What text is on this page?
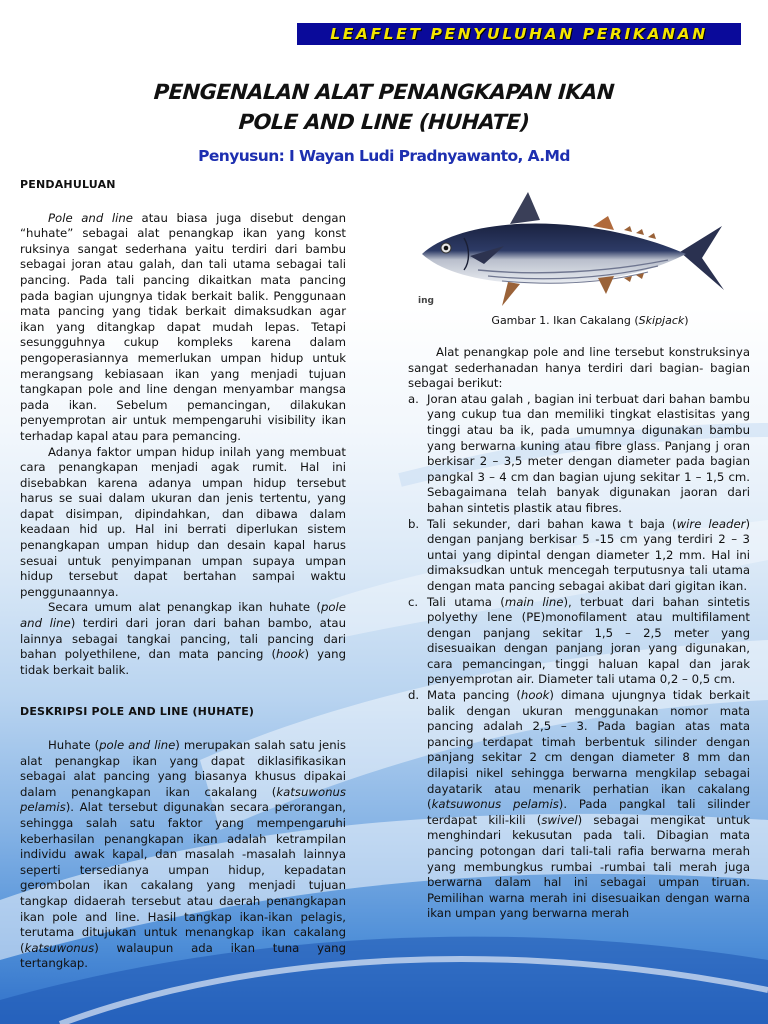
LEAFLET PENYULUHAN PERIKANAN
PENGENALAN ALAT PENANGKAPAN IKAN
POLE AND LINE (HUHATE)
Penyusun: I Wayan Ludi Pradnyawanto, A.Md

PENDAHULUAN

Pole and line atau biasa juga disebut dengan “huhate” sebagai alat penangkap ikan yang konst ruksinya sangat sederhana yaitu terdiri dari bambu sebagai joran atau galah, dan tali utama sebagai tali pancing. Pada tali pancing dikaitkan mata pancing pada bagian ujungnya tidak berkait balik. Penggunaan mata pancing yang tidak berkait dimaksudkan agar ikan yang ditangkap dapat mudah lepas. Tetapi sesungguhnya cukup kompleks karena dalam pengoperasiannya memerlukan umpan hidup untuk merangsang kebiasaan ikan yang menjadi tujuan tangkapan pole and line dengan menyambar mangsa pada ikan. Sebelum pemancingan, dilakukan penyemprotan air untuk mempengaruhi visibility ikan terhadap kapal atau para pemancing.

Adanya faktor umpan hidup inilah yang membuat cara penangkapan menjadi agak rumit. Hal ini disebabkan karena adanya umpan hidup tersebut harus se suai dalam ukuran dan jenis tertentu, yang dapat disimpan, dipindahkan, dan dibawa dalam keadaan hid up. Hal ini berrati diperlukan sistem penangkapan umpan hidup dan desain kapal harus sesuai untuk penyimpanan umpan supaya umpan hidup tersebut dapat bertahan sampai waktu penggunaannya.

Secara umum alat penangkap ikan huhate (pole and line) terdiri dari joran dari bahan bambo, atau lainnya sebagai tangkai pancing, tali pancing dari bahan polyethilene, dan mata pancing (hook) yang tidak berkait balik.

DESKRIPSI POLE AND LINE (HUHATE)

Huhate (pole and line) merupakan salah satu jenis alat penangkap ikan yang dapat diklasifikasikan sebagai alat pancing yang biasanya khusus dipakai dalam penangkapan ikan cakalang (katsuwonus pelamis). Alat tersebut digunakan secara perorangan, sehingga salah satu faktor yang mempengaruhi keberhasilan penangkapan ikan adalah ketrampilan individu awak kapal, dan masalah -masalah lainnya seperti tersedianya umpan hidup, kepadatan gerombolan ikan cakalang yang menjadi tujuan tangkap didaerah tersebut atau daerah penangkapan ikan pole and line. Hasil tangkap ikan-ikan pelagis, terutama ditujukan untuk menangkap ikan cakalang (katsuwonus) walaupun ada ikan tuna yang tertangkap.

ing
Gambar 1. Ikan Cakalang (Skipjack)

Alat penangkap pole and line tersebut konstruksinya sangat sederhanadan hanya terdiri dari bagian- bagian sebagai berikut:

a. Joran atau galah , bagian ini terbuat dari bahan bambu yang cukup tua dan memiliki tingkat elastisitas yang tinggi atau ba ik, pada umumnya digunakan bambu yang berwarna kuning atau fibre glass. Panjang j oran berkisar 2 – 3,5 meter dengan diameter pada bagian pangkal 3 – 4 cm dan bagian ujung sekitar 1 – 1,5 cm. Sebagaimana telah banyak digunakan jaoran dari bahan sintetis plastik atau fibres.
b. Tali sekunder, dari bahan kawa t baja (wire leader) dengan panjang berkisar 5 -15 cm yang terdiri 2 – 3 untai yang dipintal dengan diameter 1,2 mm. Hal ini dimaksudkan untuk mencegah terputusnya tali utama dengan mata pancing sebagai akibat dari gigitan ikan.
c. Tali utama (main line), terbuat dari bahan sintetis polyethy lene (PE)monofilament atau multifilament dengan panjang sekitar 1,5 – 2,5 meter yang disesuaikan dengan panjang joran yang digunakan, cara pemancingan, tinggi haluan kapal dan jarak penyemprotan air. Diameter tali utama 0,2 – 0,5 cm.
d. Mata pancing (hook) dimana ujungnya tidak berkait balik dengan ukuran menggunakan nomor mata pancing adalah 2,5 – 3. Pada bagian atas mata pancing terdapat timah berbentuk silinder dengan panjang sekitar 2 cm dengan diameter 8 mm dan dilapisi nikel sehingga berwarna mengkilap sebagai dayatarik atau menarik perhatian ikan cakalang (katsuwonus pelamis). Pada pangkal tali silinder terdapat kili-kili (swivel) sebagai mengikat untuk menghindari kekusutan pada tali. Dibagian mata pancing potongan dari tali-tali rafia berwarna merah yang membungkus rumbai -rumbai tali merah juga berwarna dalam hal ini sebagai umpan tiruan. Pemilihan warna merah ini disesuaikan dengan warna ikan umpan yang berwarna merah
